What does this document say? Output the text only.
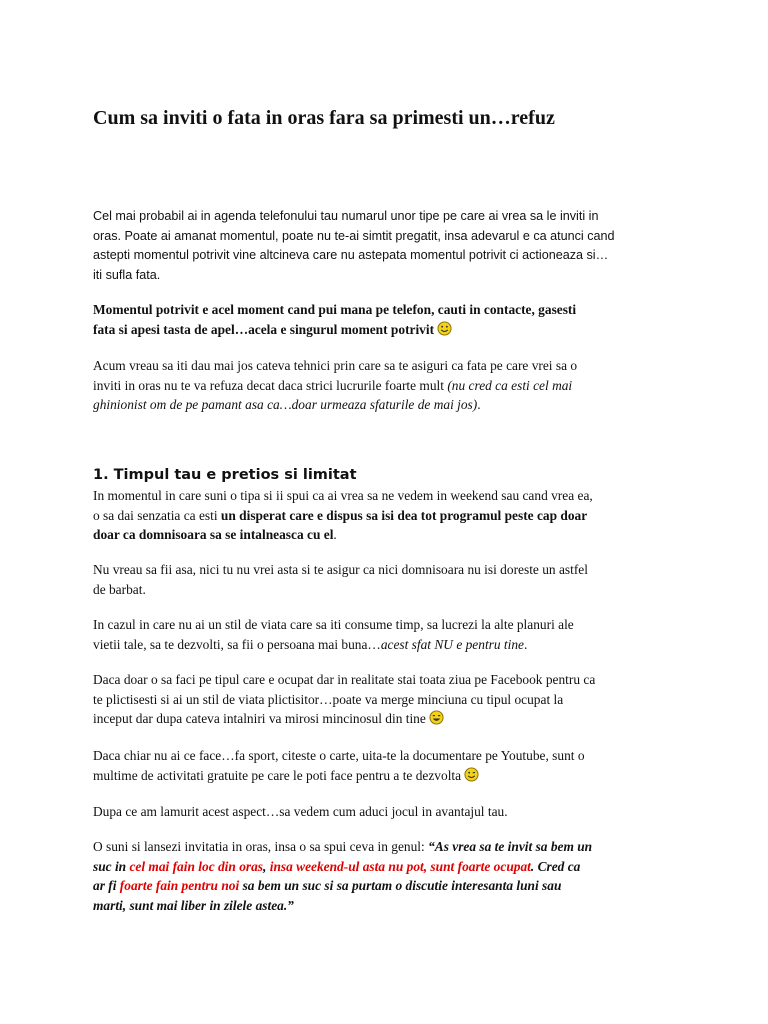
Cum sa inviti o fata in oras fara sa primesti un…refuz

Cel mai probabil ai in agenda telefonului tau numarul unor tipe pe care ai vrea sa le inviti in
oras. Poate ai amanat momentul, poate nu te-ai simtit pregatit, insa adevarul e ca atunci cand
astepti momentul potrivit vine altcineva care nu astepata momentul potrivit ci actioneaza si…
iti sufla fata.

Momentul potrivit e acel moment cand pui mana pe telefon, cauti in contacte, gasesti
fata si apesi tasta de apel…acela e singurul moment potrivit

Acum vreau sa iti dau mai jos cateva tehnici prin care sa te asiguri ca fata pe care vrei sa o
inviti in oras nu te va refuza decat daca strici lucrurile foarte mult (nu cred ca esti cel mai
ghinionist om de pe pamant asa ca…doar urmeaza sfaturile de mai jos).

1. Timpul tau e pretios si limitat

In momentul in care suni o tipa si ii spui ca ai vrea sa ne vedem in weekend sau cand vrea ea,
o sa dai senzatia ca esti un disperat care e dispus sa isi dea tot programul peste cap doar
doar ca domnisoara sa se intalneasca cu el.

Nu vreau sa fii asa, nici tu nu vrei asta si te asigur ca nici domnisoara nu isi doreste un astfel
de barbat.

In cazul in care nu ai un stil de viata care sa iti consume timp, sa lucrezi la alte planuri ale
vietii tale, sa te dezvolti, sa fii o persoana mai buna…acest sfat NU e pentru tine.

Daca doar o sa faci pe tipul care e ocupat dar in realitate stai toata ziua pe Facebook pentru ca
te plictisesti si ai un stil de viata plictisitor…poate va merge minciuna cu tipul ocupat la
inceput dar dupa cateva intalniri va mirosi mincinosul din tine

Daca chiar nu ai ce face…fa sport, citeste o carte, uita-te la documentare pe Youtube, sunt o
multime de activitati gratuite pe care le poti face pentru a te dezvolta

Dupa ce am lamurit acest aspect…sa vedem cum aduci jocul in avantajul tau.

O suni si lansezi invitatia in oras, insa o sa spui ceva in genul: “As vrea sa te invit sa bem un
suc in cel mai fain loc din oras, insa weekend-ul asta nu pot, sunt foarte ocupat. Cred ca
ar fi foarte fain pentru noi sa bem un suc si sa purtam o discutie interesanta luni sau
marti, sunt mai liber in zilele astea.”
